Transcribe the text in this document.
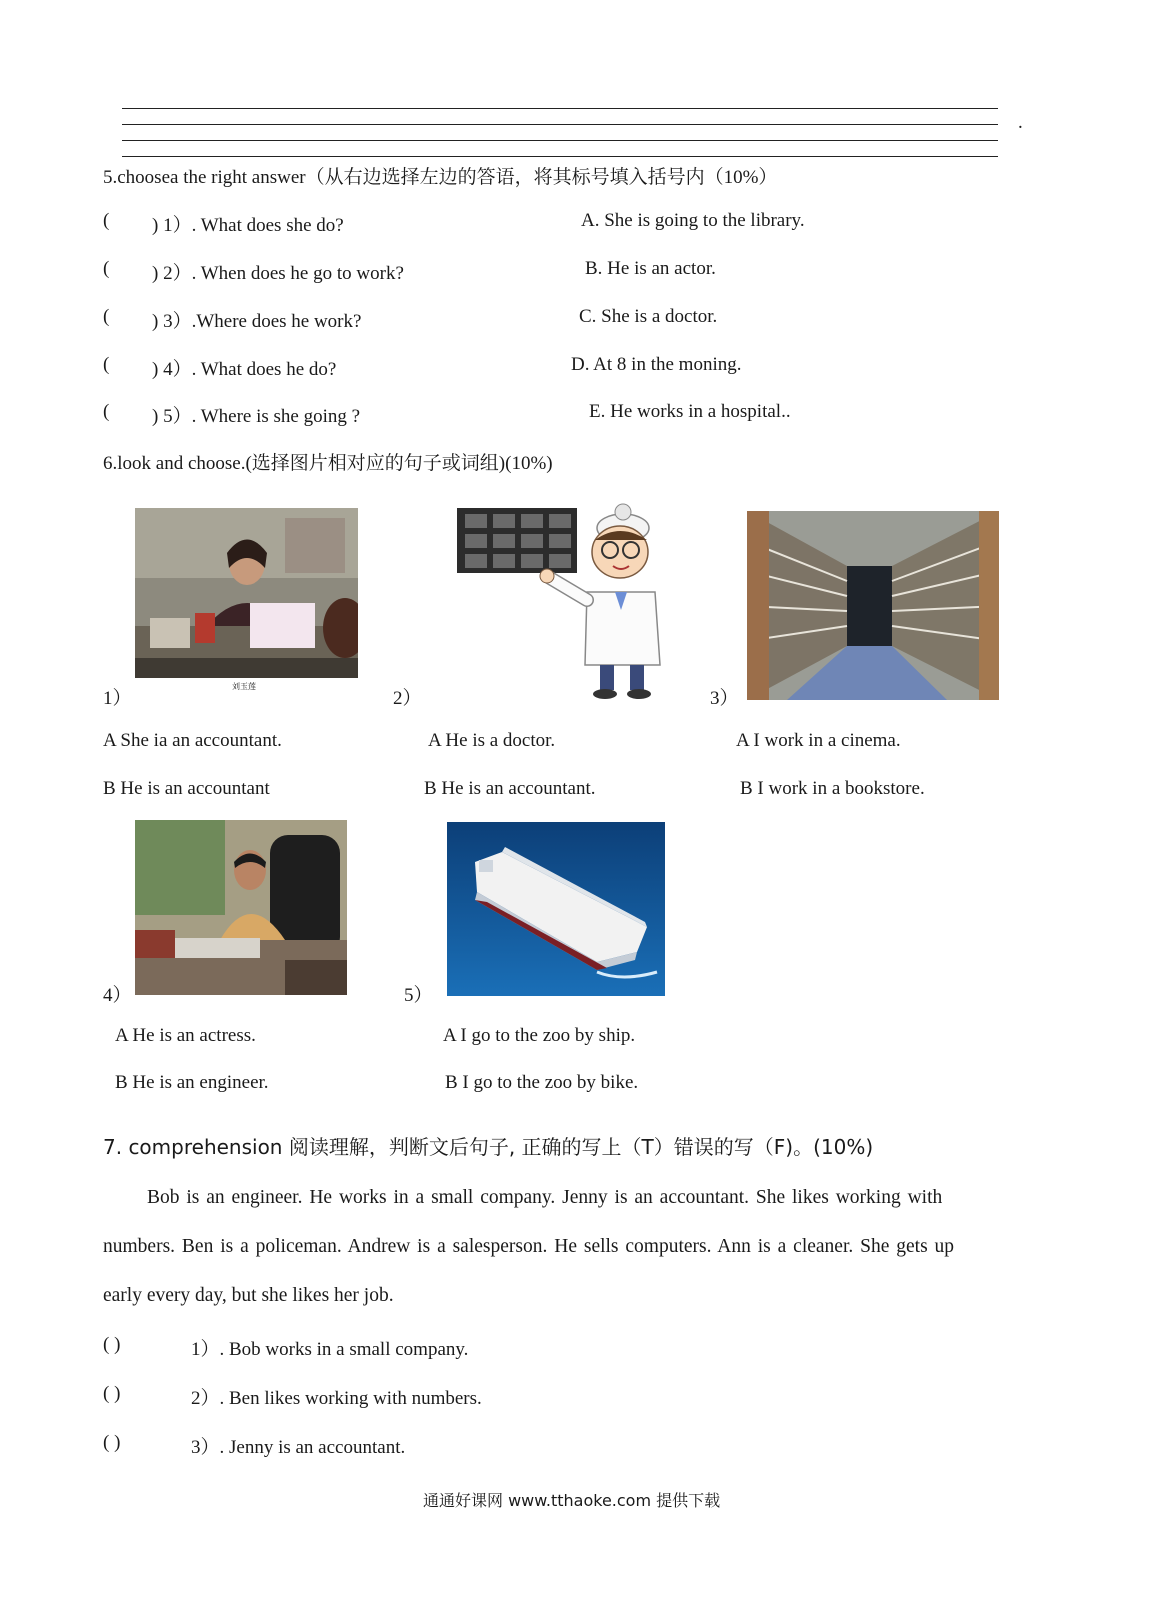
.
5.choosea the right answer（从右边选择左边的答语，将其标号填入括号内（10%）
( ) 1）. What does she do?
( ) 2）. When does he go to work?
( ) 3）.Where does he work?
( ) 4）. What does he do?
( ) 5）. Where is she going ?
A. She is going to the library.
B. He is an actor.
C. She is a doctor.
D. At 8 in the moning.
E. He works in a hospital..
6.look and choose.(选择图片相对应的句子或词组)(10%)
刘玉莲
1）	2）	3）
A She ia an accountant.
B He is an accountant
A He is a doctor.
B He is an accountant.
A I work in a cinema.
B I work in a bookstore.
4）	5）
A He is an actress.
B He is an engineer.
A I go to the zoo by ship.
B I go to the zoo by bike.
7. comprehension 阅读理解，判断文后句子, 正确的写上（T）错误的写（F)。(10%)
Bob is an engineer. He works in a small company. Jenny is an accountant. She likes working with
numbers. Ben is a policeman. Andrew is a salesperson. He sells computers. Ann is a cleaner. She gets up
early every day, but she likes her job.
( )	1）. Bob works in a small company.
( )	2）. Ben likes working with numbers.
( )	3）. Jenny is an accountant.
通通好课网 www.tthaoke.com 提供下载
